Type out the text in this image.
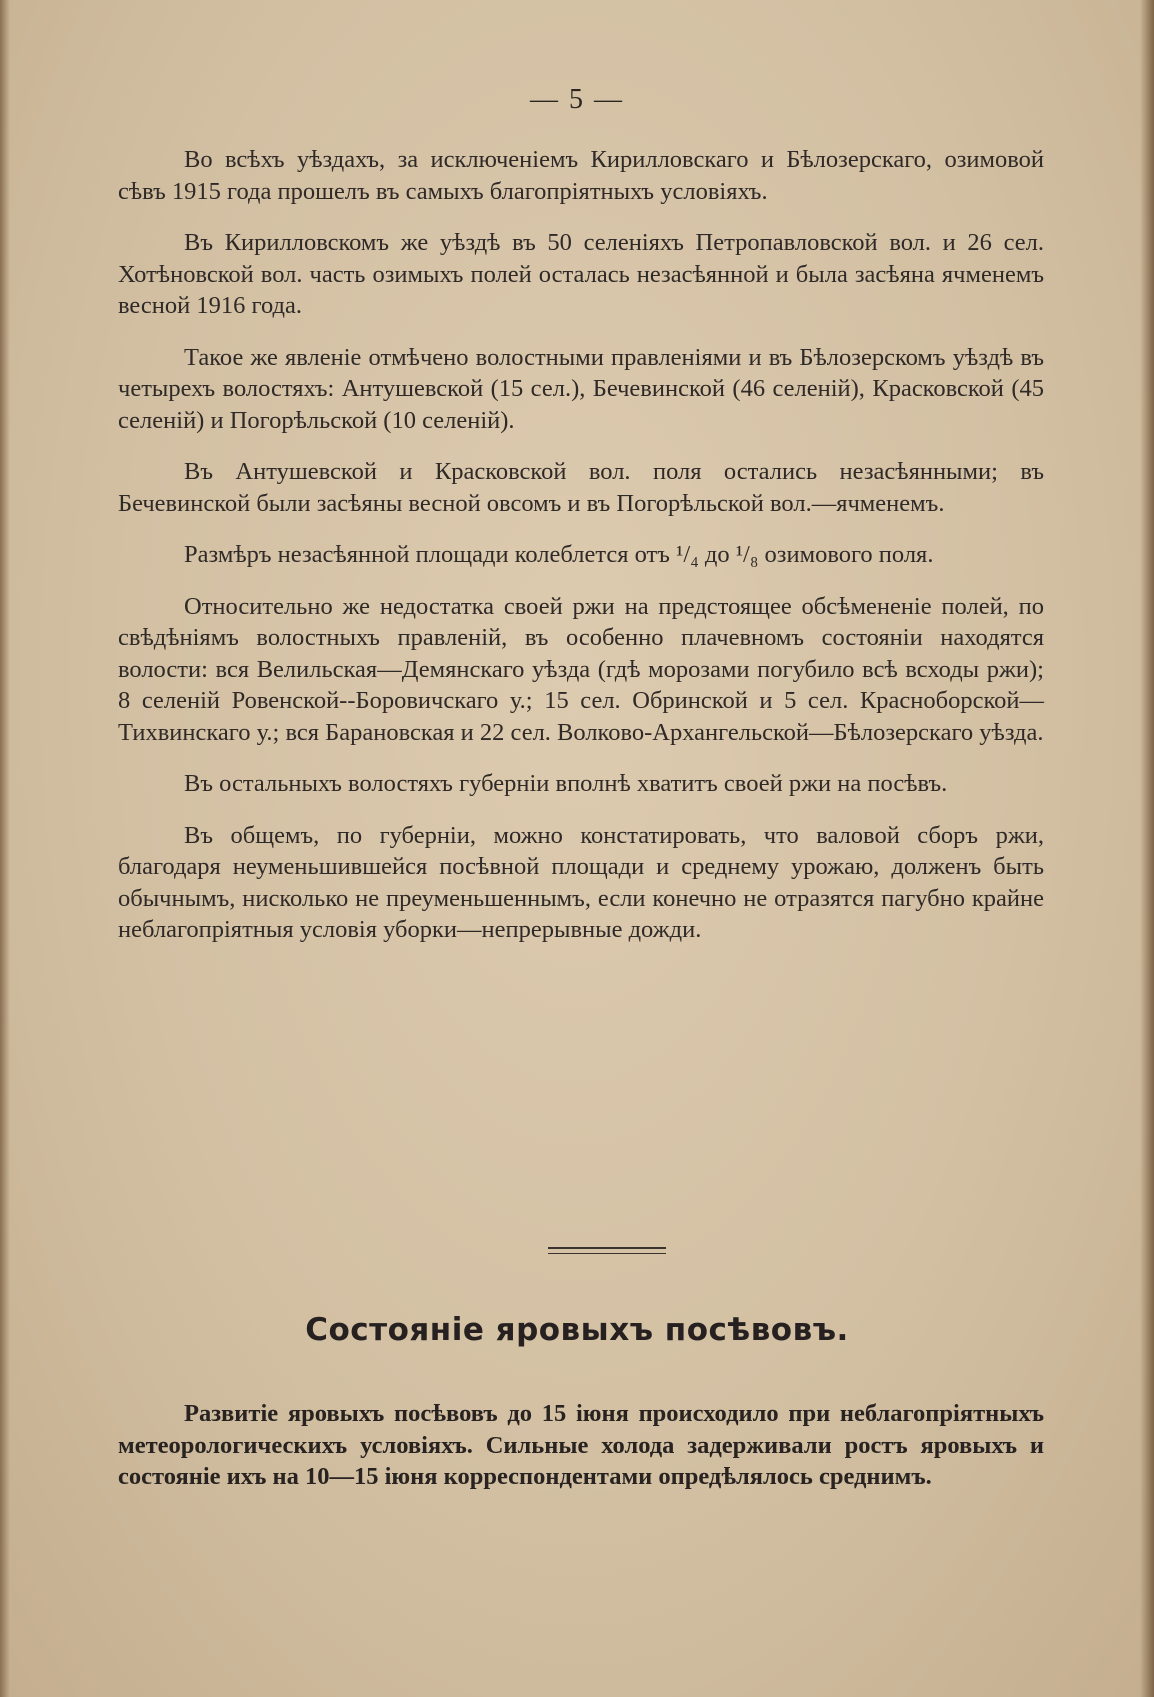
— 5 —

Во всѣхъ уѣздахъ, за исключеніемъ Кирилловскаго и Бѣлозерскаго, озимовой сѣвъ 1915 года прошелъ въ самыхъ благопріятныхъ условіяхъ.

Въ Кирилловскомъ же уѣздѣ въ 50 селеніяхъ Петропавловской вол. и 26 сел. Хотѣновской вол. часть озимыхъ полей осталась незасѣянной и была засѣяна ячменемъ весной 1916 года.

Такое же явленіе отмѣчено волостными правленіями и въ Бѣлозерскомъ уѣздѣ въ четырехъ волостяхъ: Антушевской (15 сел.), Бечевинской (46 селеній), Красковской (45 селеній) и Погорѣльской (10 селеній).

Въ Антушевской и Красковской вол. поля остались незасѣянными; въ Бечевинской были засѣяны весной овсомъ и въ Погорѣльской вол.—ячменемъ.

Размѣръ незасѣянной площади колеблется отъ ¹/₄ до ¹/₈ озимового поля.

Относительно же недостатка своей ржи на предстоящее обсѣмененіе полей, по свѣдѣніямъ волостныхъ правленій, въ особенно плачевномъ состояніи находятся волости: вся Велильская—Демянскаго уѣзда (гдѣ морозами погубило всѣ всходы ржи); 8 селеній Ровенской--Боровичскаго у.; 15 сел. Обринской и 5 сел. Красноборской—Тихвинскаго у.; вся Барановская и 22 сел. Волково-Архангельской—Бѣлозерскаго уѣзда.

Въ остальныхъ волостяхъ губерніи вполнѣ хватитъ своей ржи на посѣвъ.

Въ общемъ, по губерніи, можно констатировать, что валовой сборъ ржи, благодаря неуменьшившейся посѣвной площади и среднему урожаю, долженъ быть обычнымъ, нисколько не преуменьшеннымъ, если конечно не отразятся пагубно крайне неблагопріятныя условія уборки—непрерывные дожди.

Состояніе яровыхъ посѣвовъ.

Развитіе яровыхъ посѣвовъ до 15 іюня происходило при неблагопріятныхъ метеорологическихъ условіяхъ. Сильные холода задерживали ростъ яровыхъ и состояніе ихъ на 10—15 іюня корреспондентами опредѣлялось среднимъ.
